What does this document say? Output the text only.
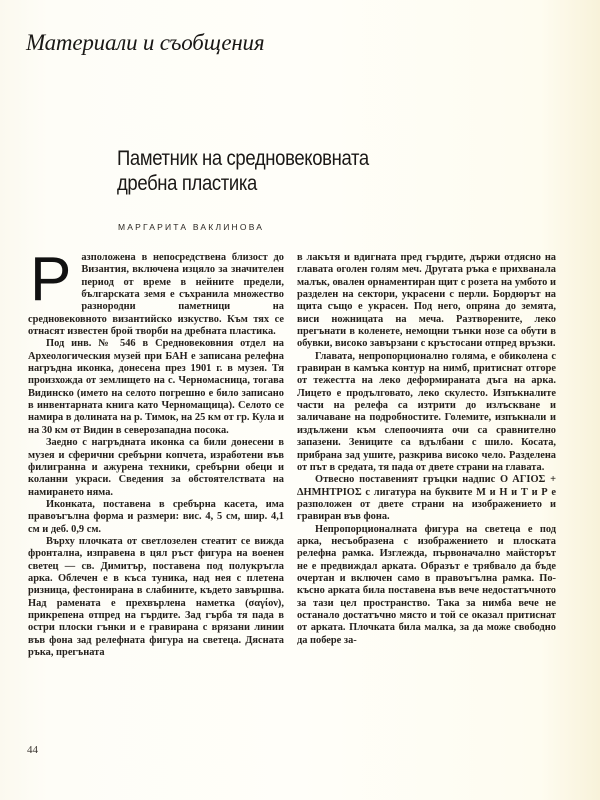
Материали и съобщения
Паметник на средновековната
дребна пластика
МАРГАРИТА ВАКЛИНОВА

Разположена в непосредствена близост до Византия, включена изцяло за значителен период от време в нейните предели, българската земя е съхранила множество разнородни паметници на средновековното византийско изкуство. Към тях се отнасят известен брой творби на дребната пластика.

Под инв. № 546 в Средновековния отдел на Археологическия музей при БАН е записана релефна нагръдна иконка, донесена през 1901 г. в музея. Тя произхожда от землището на с. Черномасница, тогава Видинско (името на селото погрешно е било записано в инвентарната книга като Черномащица). Селото се намира в долината на р. Тимок, на 25 км от гр. Кула и на 30 км от Видин в северозападна посока.

Заедно с нагръдната иконка са били донесени в музея и сферични сребърни копчета, изработени във филигранна и ажурена техники, сребърни обеци и коланни украси. Сведения за обстоятелствата на намирането няма.

Иконката, поставена в сребърна касета, има правоъгълна форма и размери: вис. 4, 5 см, шир. 4,1 см и деб. 0,9 см.

Върху плочката от светлозелен стеатит се вижда фронтална, изправена в цял ръст фигура на военен светец — св. Димитър, поставена под полукръгла арка. Облечен е в къса туника, над нея с плетена ризница, фестонирана в слабините, където завършва. Над рамената е прехвърлена наметка (σαγίον), прикрепена отпред на гърдите. Зад гърба тя пада в остри плоски гънки и е гравирана с врязани линии във фона зад релефната фигура на светеца. Дясната ръка, прегъната

в лакътя и вдигната пред гърдите, държи отдясно на главата оголен голям меч. Другата ръка е прихванала малък, овален орнаментиран щит с розета на умбото и разделен на сектори, украсени с перли. Бордюрът на щита също е украсен. Под него, опряна до земята, виси ножницата на меча. Разтворените, леко прегънати в коленете, немощни тънки нозе са обути в обувки, високо завързани с кръстосани отпред връзки.

Главата, непропорционално голяма, е обиколена с гравиран в камъка контур на нимб, притиснат отгоре от тежестта на леко деформираната дъга на арка. Лицето е продълговато, леко скулесто. Изпъкналите части на релефа са изтрити до излъскване и заличаване на подробностите. Големите, изпъкнали и издължени към слепоочията очи са сравнително запазени. Зениците са вдълбани с шило. Косата, прибрана зад ушите, разкрива високо чело. Разделена от път в средата, тя пада от двете страни на главата.

Отвесно поставеният гръцки надпис Ο ΑΓΙΟΣ + ΔΗΜΗΤΡΙΟΣ с лигатура на буквите М и Н и Т и Р е разположен от двете страни на изображението и гравиран във фона.

Непропорционалната фигура на светеца е под арка, несъобразена с изображението и плоската релефна рамка. Изглежда, първоначално майсторът не е предвиждал арката. Образът е трябвало да бъде очертан и включен само в правоъгълна рамка. По-късно арката била поставена във вече недостатъчното за тази цел пространство. Така за нимба вече не останало достатъчно място и той се оказал притиснат от арката. Плочката била малка, за да може свободно да побере за-

44
